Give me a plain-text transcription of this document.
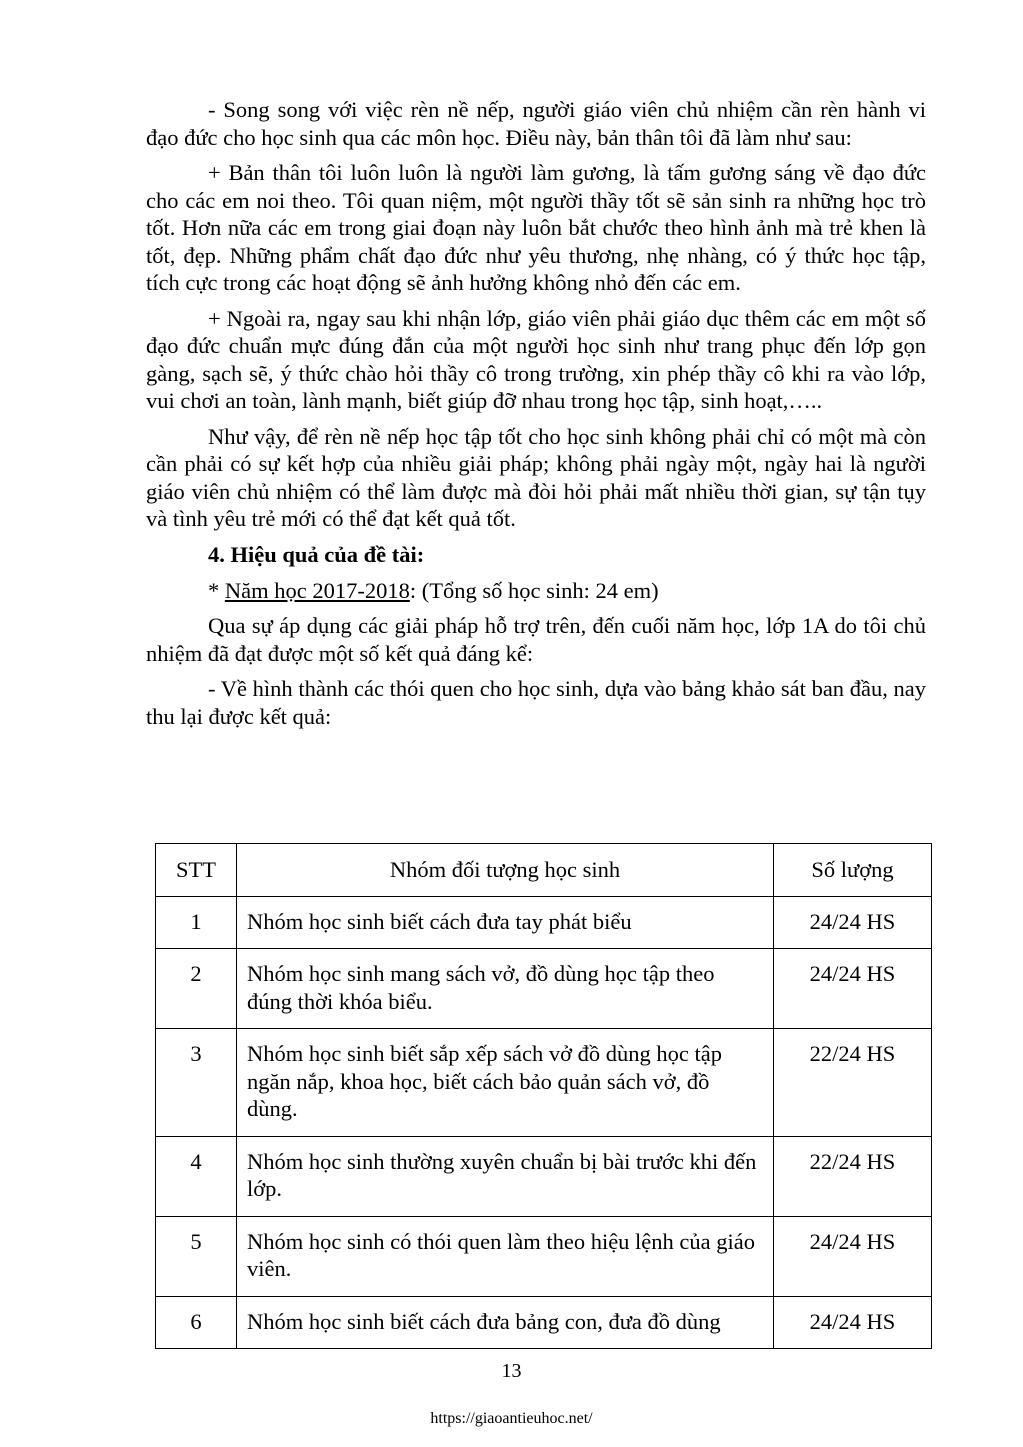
- Song song với việc rèn nề nếp, người giáo viên chủ nhiệm cần rèn hành vi đạo đức cho học sinh qua các môn học. Điều này, bản thân tôi đã làm như sau:

+ Bản thân tôi luôn luôn là người làm gương, là tấm gương sáng về đạo đức cho các em noi theo. Tôi quan niệm, một người thầy tốt sẽ sản sinh ra những học trò tốt. Hơn nữa các em trong giai đoạn này luôn bắt chước theo hình ảnh mà trẻ khen là tốt, đẹp. Những phẩm chất đạo đức như yêu thương, nhẹ nhàng, có ý thức học tập, tích cực trong các hoạt động sẽ ảnh hưởng không nhỏ đến các em.

+ Ngoài ra, ngay sau khi nhận lớp, giáo viên phải giáo dục thêm các em một số đạo đức chuẩn mực đúng đắn của một người học sinh như trang phục đến lớp gọn gàng, sạch sẽ, ý thức chào hỏi thầy cô trong trường, xin phép thầy cô khi ra vào lớp, vui chơi an toàn, lành mạnh, biết giúp đỡ nhau trong học tập, sinh hoạt,…..

Như vậy, để rèn nề nếp học tập tốt cho học sinh không phải chỉ có một mà còn cần phải có sự kết hợp của nhiều giải pháp; không phải ngày một, ngày hai là người giáo viên chủ nhiệm có thể làm được mà đòi hỏi phải mất nhiều thời gian, sự tận tụy và tình yêu trẻ mới có thể đạt kết quả tốt.

4. Hiệu quả của đề tài:

* Năm học 2017-2018: (Tổng số học sinh: 24 em)

Qua sự áp dụng các giải pháp hỗ trợ trên, đến cuối năm học, lớp 1A do tôi chủ nhiệm đã đạt được một số kết quả đáng kể:

- Về hình thành các thói quen cho học sinh, dựa vào bảng khảo sát ban đầu, nay thu lại được kết quả:

STT	Nhóm đối tượng học sinh	Số lượng
1	Nhóm học sinh biết cách đưa tay phát biểu	24/24 HS
2	Nhóm học sinh mang sách vở, đồ dùng học tập theo đúng thời khóa biểu.	24/24 HS
3	Nhóm học sinh biết sắp xếp sách vở đồ dùng học tập ngăn nắp, khoa học, biết cách bảo quản sách vở, đồ dùng.	22/24 HS
4	Nhóm học sinh thường xuyên chuẩn bị bài trước khi đến lớp.	22/24 HS
5	Nhóm học sinh có thói quen làm theo hiệu lệnh của giáo viên.	24/24 HS
6	Nhóm học sinh biết cách đưa bảng con, đưa đồ dùng	24/24 HS
13
https://giaoantieuhoc.net/
